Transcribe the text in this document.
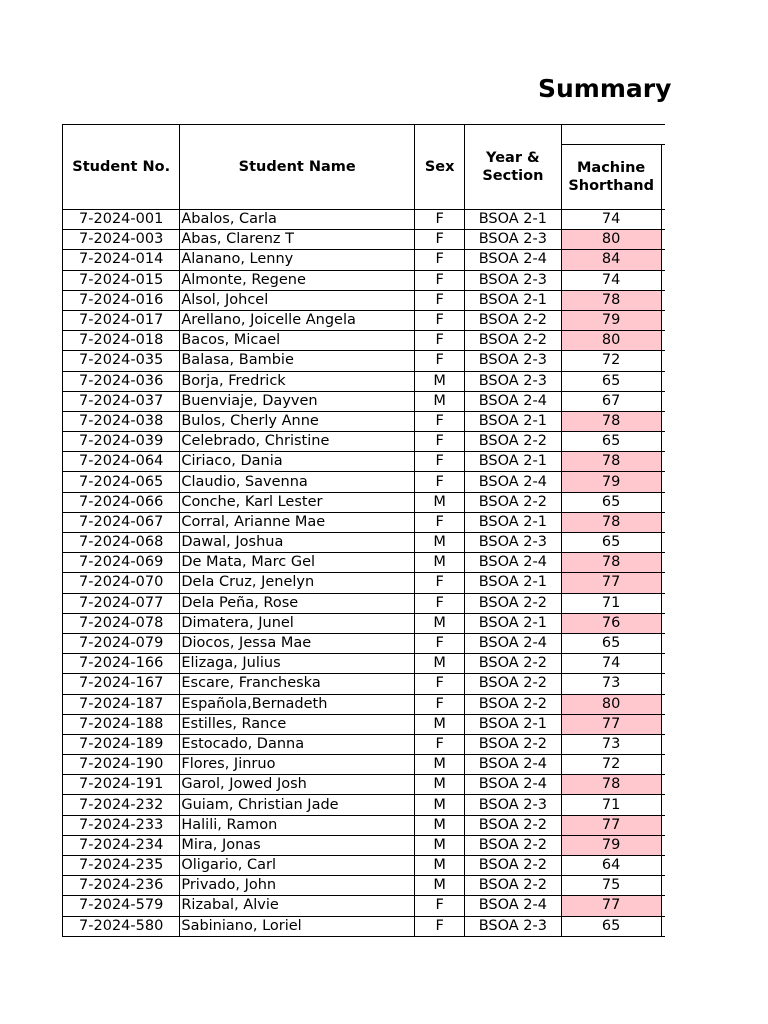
Summary
Student No.	Student Name	Sex	Year & Section		
				Machine Shorthand	
7-2024-001	Abalos, Carla	F	BSOA 2-1	74	
7-2024-003	Abas, Clarenz T	F	BSOA 2-3	80	
7-2024-014	Alanano, Lenny	F	BSOA 2-4	84	
7-2024-015	Almonte, Regene	F	BSOA 2-3	74	
7-2024-016	Alsol, Johcel	F	BSOA 2-1	78	
7-2024-017	Arellano, Joicelle Angela	F	BSOA 2-2	79	
7-2024-018	Bacos, Micael	F	BSOA 2-2	80	
7-2024-035	Balasa, Bambie	F	BSOA 2-3	72	
7-2024-036	Borja, Fredrick	M	BSOA 2-3	65	
7-2024-037	Buenviaje, Dayven	M	BSOA 2-4	67	
7-2024-038	Bulos, Cherly Anne	F	BSOA 2-1	78	
7-2024-039	Celebrado, Christine	F	BSOA 2-2	65	
7-2024-064	Ciriaco, Dania	F	BSOA 2-1	78	
7-2024-065	Claudio, Savenna	F	BSOA 2-4	79	
7-2024-066	Conche, Karl Lester	M	BSOA 2-2	65	
7-2024-067	Corral, Arianne Mae	F	BSOA 2-1	78	
7-2024-068	Dawal, Joshua	M	BSOA 2-3	65	
7-2024-069	De Mata, Marc Gel	M	BSOA 2-4	78	
7-2024-070	Dela Cruz, Jenelyn	F	BSOA 2-1	77	
7-2024-077	Dela Peña, Rose	F	BSOA 2-2	71	
7-2024-078	Dimatera, Junel	M	BSOA 2-1	76	
7-2024-079	Diocos, Jessa Mae	F	BSOA 2-4	65	
7-2024-166	Elizaga, Julius	M	BSOA 2-2	74	
7-2024-167	Escare, Francheska	F	BSOA 2-2	73	
7-2024-187	Española,Bernadeth	F	BSOA 2-2	80	
7-2024-188	Estilles, Rance	M	BSOA 2-1	77	
7-2024-189	Estocado, Danna	F	BSOA 2-2	73	
7-2024-190	Flores, Jinruo	M	BSOA 2-4	72	
7-2024-191	Garol, Jowed Josh	M	BSOA 2-4	78	
7-2024-232	Guiam, Christian Jade	M	BSOA 2-3	71	
7-2024-233	Halili, Ramon	M	BSOA 2-2	77	
7-2024-234	Mira, Jonas	M	BSOA 2-2	79	
7-2024-235	Oligario, Carl	M	BSOA 2-2	64	
7-2024-236	Privado, John	M	BSOA 2-2	75	
7-2024-579	Rizabal, Alvie	F	BSOA 2-4	77	
7-2024-580	Sabiniano, Loriel	F	BSOA 2-3	65	
